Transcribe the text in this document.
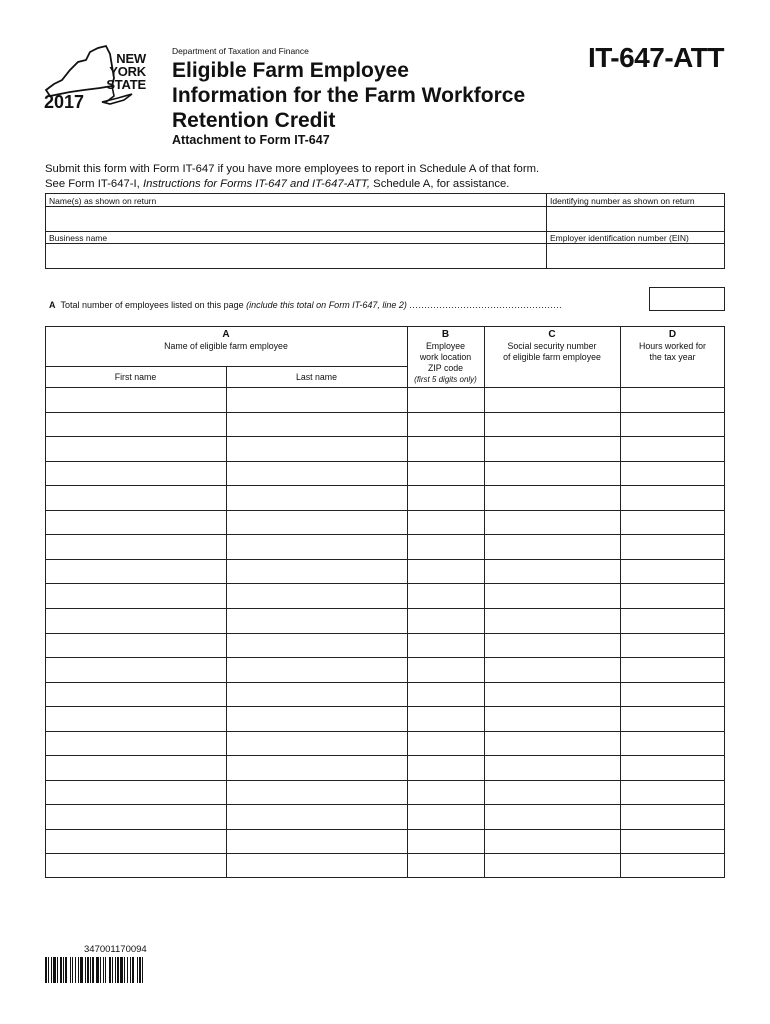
NEW
YORK
STATE
2017
Department of Taxation and Finance
Eligible Farm Employee
Information for the Farm Workforce
Retention Credit
Attachment to Form IT-647
IT-647-ATT
Submit this form with Form IT-647 if you have more employees to report in Schedule A of that form.
See Form IT-647-I, Instructions for Forms IT-647 and IT-647-ATT, Schedule A, for assistance.
Name(s) as shown on return	Identifying number as shown on return
Business name	Employer identification number (EIN)
A Total number of employees listed on this page (include this total on Form IT-647, line 2) ...................................................
A
Name of eligible farm employee
First name	Last name
B
Employee
work location
ZIP code
(first 5 digits only)
C
Social security number
of eligible farm employee
D
Hours worked for
the tax year
347001170094
